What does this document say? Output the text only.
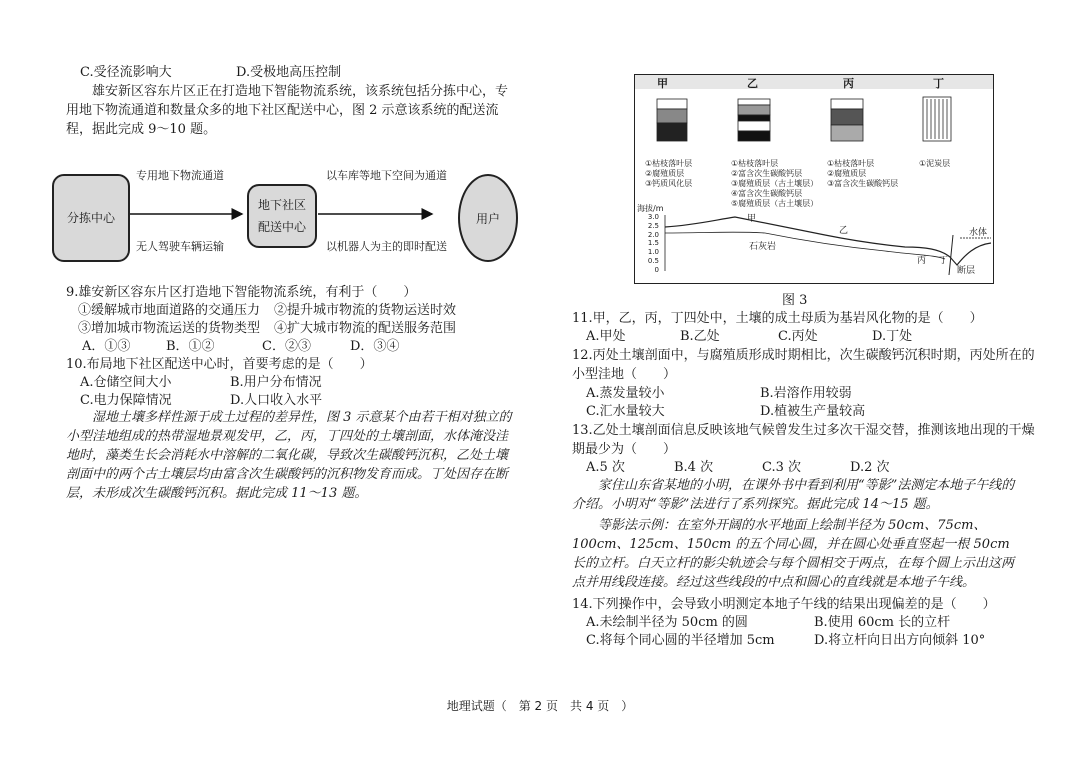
C.受径流影响大	D.受极地高压控制
雄安新区容东片区正在打造地下智能物流系统，该系统包括分拣中心，专用地下物流通道和数量众多的地下社区配送中心，图 2 示意该系统的配送流程，据此完成 9～10 题。
分拣中心
地下社区
配送中心
用户
专用地下物流通道
无人驾驶车辆运输
以车库等地下空间为通道
以机器人为主的即时配送
9.雄安新区容东片区打造地下智能物流系统，有利于（　　）
①缓解城市地面道路的交通压力 ②提升城市物流的货物运送时效
③增加城市物流运送的货物类型 ④扩大城市物流的配送服务范围
A．①③	B．①②	C．②③	D．③④
10.布局地下社区配送中心时，首要考虑的是（　　）
A.仓储空间大小	B.用户分布情况
C.电力保障情况	D.人口收入水平
湿地土壤多样性源于成土过程的差异性，图 3 示意某个由若干相对独立的小型洼地组成的热带湿地景观发甲，乙，丙，丁四处的土壤剖面，水体淹没洼地时，藻类生长会消耗水中溶解的二氧化碳，导致次生碳酸钙沉积，乙处土壤剖面中的两个古土壤层均由富含次生碳酸钙的沉积物发育而成。丁处因存在断层，未形成次生碳酸钙沉积。据此完成 11～13 题。
甲	乙	丙	丁
①枯枝落叶层
②腐殖质层
③钙质风化层
①枯枝落叶层
②富含次生碳酸钙层
③腐殖质层（古土壤层）
④富含次生碳酸钙层
⑤腐殖质层（古土壤层）
①枯枝落叶层
②腐殖质层
③富含次生碳酸钙层
①泥炭层
海拔/m
3.0
2.5
2.0
1.5
1.0
0.5
0
甲
乙
丙 丁
石灰岩
水体
断层
图 3
11.甲，乙，丙，丁四处中，土壤的成土母质为基岩风化物的是（　　）
A.甲处	B.乙处	C.丙处	D.丁处
12.丙处土壤剖面中，与腐殖质形成时期相比，次生碳酸钙沉积时期，丙处所在的
小型洼地（　　）
A.蒸发量较小	B.岩溶作用较弱
C.汇水量较大	D.植被生产量较高
13.乙处土壤剖面信息反映该地气候曾发生过多次干湿交替，推测该地出现的干燥
期最少为（　　）
A.5 次	B.4 次	C.3 次	D.2 次
家住山东省某地的小明，在课外书中看到利用“等影”法测定本地子午线的介绍。小明对“等影”法进行了系列探究。据此完成 14～15 题。
等影法示例：在室外开阔的水平地面上绘制半径为 50cm、75cm、100cm、125cm、150cm 的五个同心圆，并在圆心处垂直竖起一根 50cm 长的立杆。白天立杆的影尖轨迹会与每个圆相交于两点，在每个圆上示出这两点并用线段连接。经过这些线段的中点和圆心的直线就是本地子午线。
14.下列操作中，会导致小明测定本地子午线的结果出现偏差的是（　　）
A.未绘制半径为 50cm 的圆	B.使用 60cm 长的立杆
C.将每个同心圆的半径增加 5cm	D.将立杆向日出方向倾斜 10°
地理试题（　第 2 页　共 4 页　）
